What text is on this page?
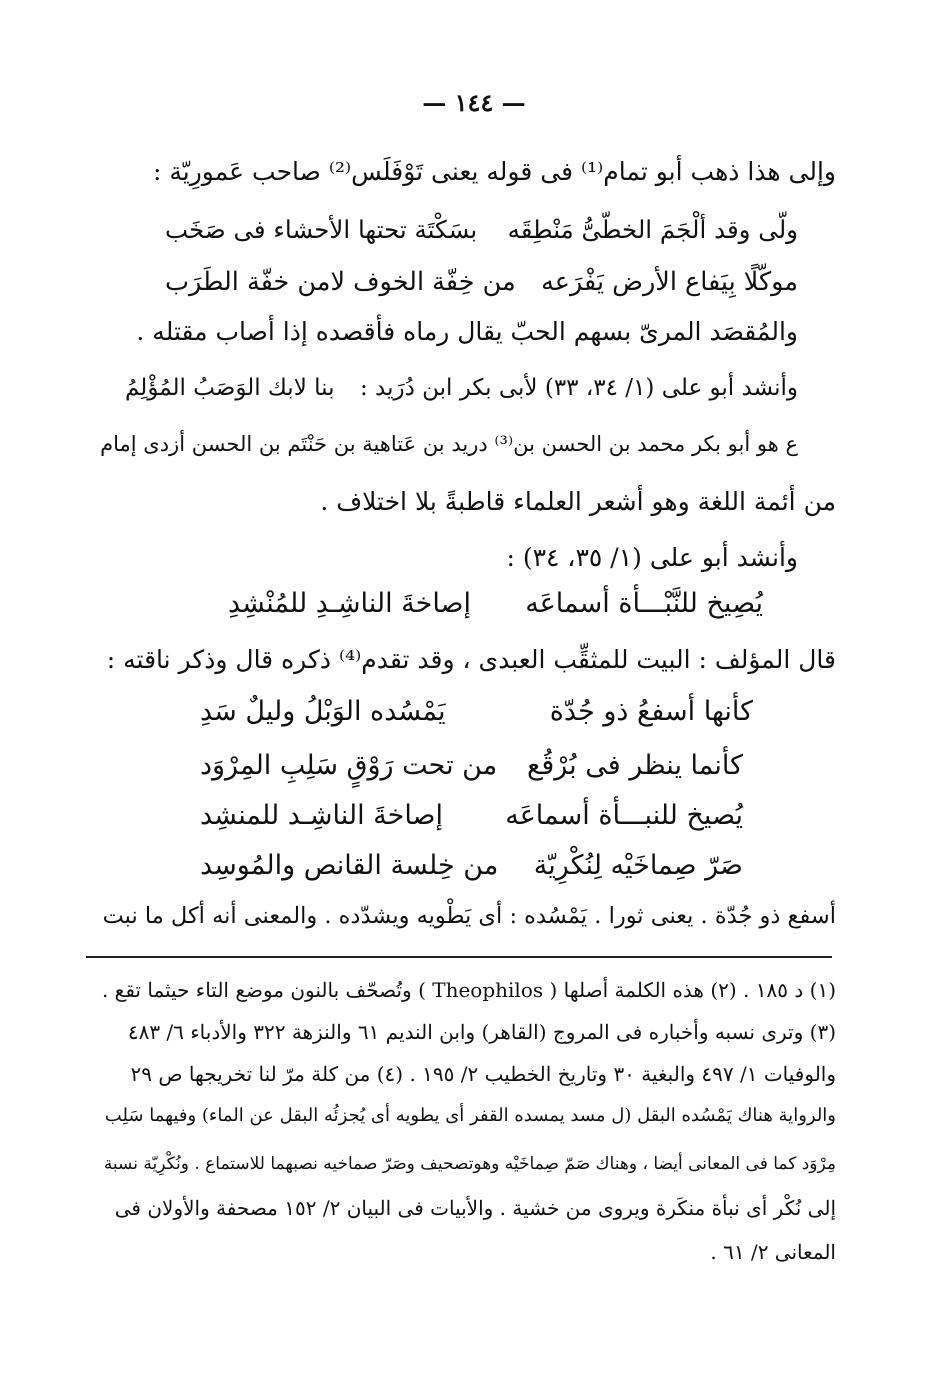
— ١٤٤ —
وإلى هذا ذهب أبو تمام⁽¹⁾ فى قوله يعنى تَوْفَلَس⁽²⁾ صاحب عَمورِيّة :
ولّى وقد ألْجَمَ الخطّىُّ مَنْطِقَه
بسَكْتَة تحتها الأحشاء فى صَخَب
موكّلًا بِيَفاع الأرض يَفْرَعه
من خِفّة الخوف لامن خفّة الطَرَب
والمُقصَد المرىّ بسهم الحبّ يقال رماه فأقصده إذا أصاب مقتله .
وأنشد أبو على (١/ ٣٤، ٣٣) لأبى بكر ابن دُرَيد :
بنا لابك الوَصَبُ المُؤْلِمُ
ع هو أبو بكر محمد بن الحسن بن⁽³⁾ دريد بن عَتاهية بن حَنْتَم بن الحسن أزدى إمام
من أئمة اللغة وهو أشعر العلماء قاطبةً بلا اختلاف .
وأنشد أبو على (١/ ٣٥، ٣٤) :
يُصِيخ للنَّبْـــأة أسماعَه
إصاخةَ الناشِـدِ للمُنْشِدِ
قال المؤلف : البيت للمثقِّب العبدى ، وقد تقدم⁽⁴⁾ ذكره قال وذكر ناقته :
كأنها أسفعُ ذو جُدّة
يَمْسُده الوَبْلُ وليلٌ سَدِ
كأنما ينظر فى بُرْقُع
من تحت رَوْقٍ سَلِبِ المِرْوَد
يُصيخ للنبـــأة أسماعَه
إصاخةَ الناشِـد للمنشِد
صَرّ صِماخَيْه لِنُكْرِيّة
من خِلسة القانص والمُوسِد
أسفع ذو جُدّة . يعنى ثورا . يَمْسُده : أى يَطْويه ويشدّده . والمعنى أنه أكل ما نبت
(١) د ١٨٥ . (٢) هذه الكلمة أصلها ( Theophilos ) وتُصحّف بالنون موضع التاء حيثما تقع .
(٣) وترى نسبه وأخباره فى المروج (القاهر) وابن النديم ٦١ والنزهة ٣٢٢ والأدباء ٦/ ٤٨٣
والوفيات ١/ ٤٩٧ والبغية ٣٠ وتاريخ الخطيب ٢/ ١٩٥ . (٤) من كلة مرّ لنا تخريجها ص ٢٩
والرواية هناك يَمْسُده البقل (ل مسد يمسده القفر أى يطويه أى يُجزئُه البقل عن الماء) وفيهما سَلِب
مِرْوَد كما فى المعانى أيضا ، وهناك صَمّ صِماخَيْه وهوتصحيف وصَرّ صماخيه نصبهما للاستماع . ونُكْرِيّة نسبة
إلى نُكْر أى نبأة منكَرة ويروى من خشية . والأبيات فى البيان ٢/ ١٥٢ مصحفة والأولان فى
المعانى ٢/ ٦١ .
